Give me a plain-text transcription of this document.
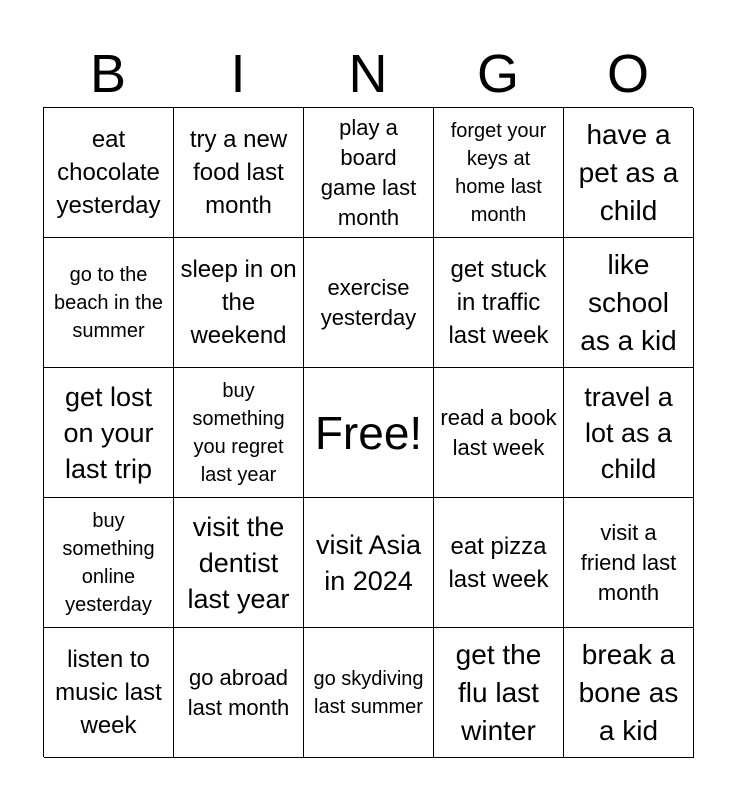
B	I	N	G	O
eat chocolate yesterday
try a new food last month
play a board game last month
forget your keys at home last month
have a pet as a child
go to the beach in the summer
sleep in on the weekend
exercise yesterday
get stuck in traffic last week
like school as a kid
get lost on your last trip
buy something you regret last year
Free! read a book last week
travel a lot as a child
buy something online yesterday
visit the dentist last year
visit Asia in 2024
eat pizza last week
visit a friend last month
listen to music last week
go abroad last month
go skydiving last summer
get the flu last winter
break a bone as a kid
